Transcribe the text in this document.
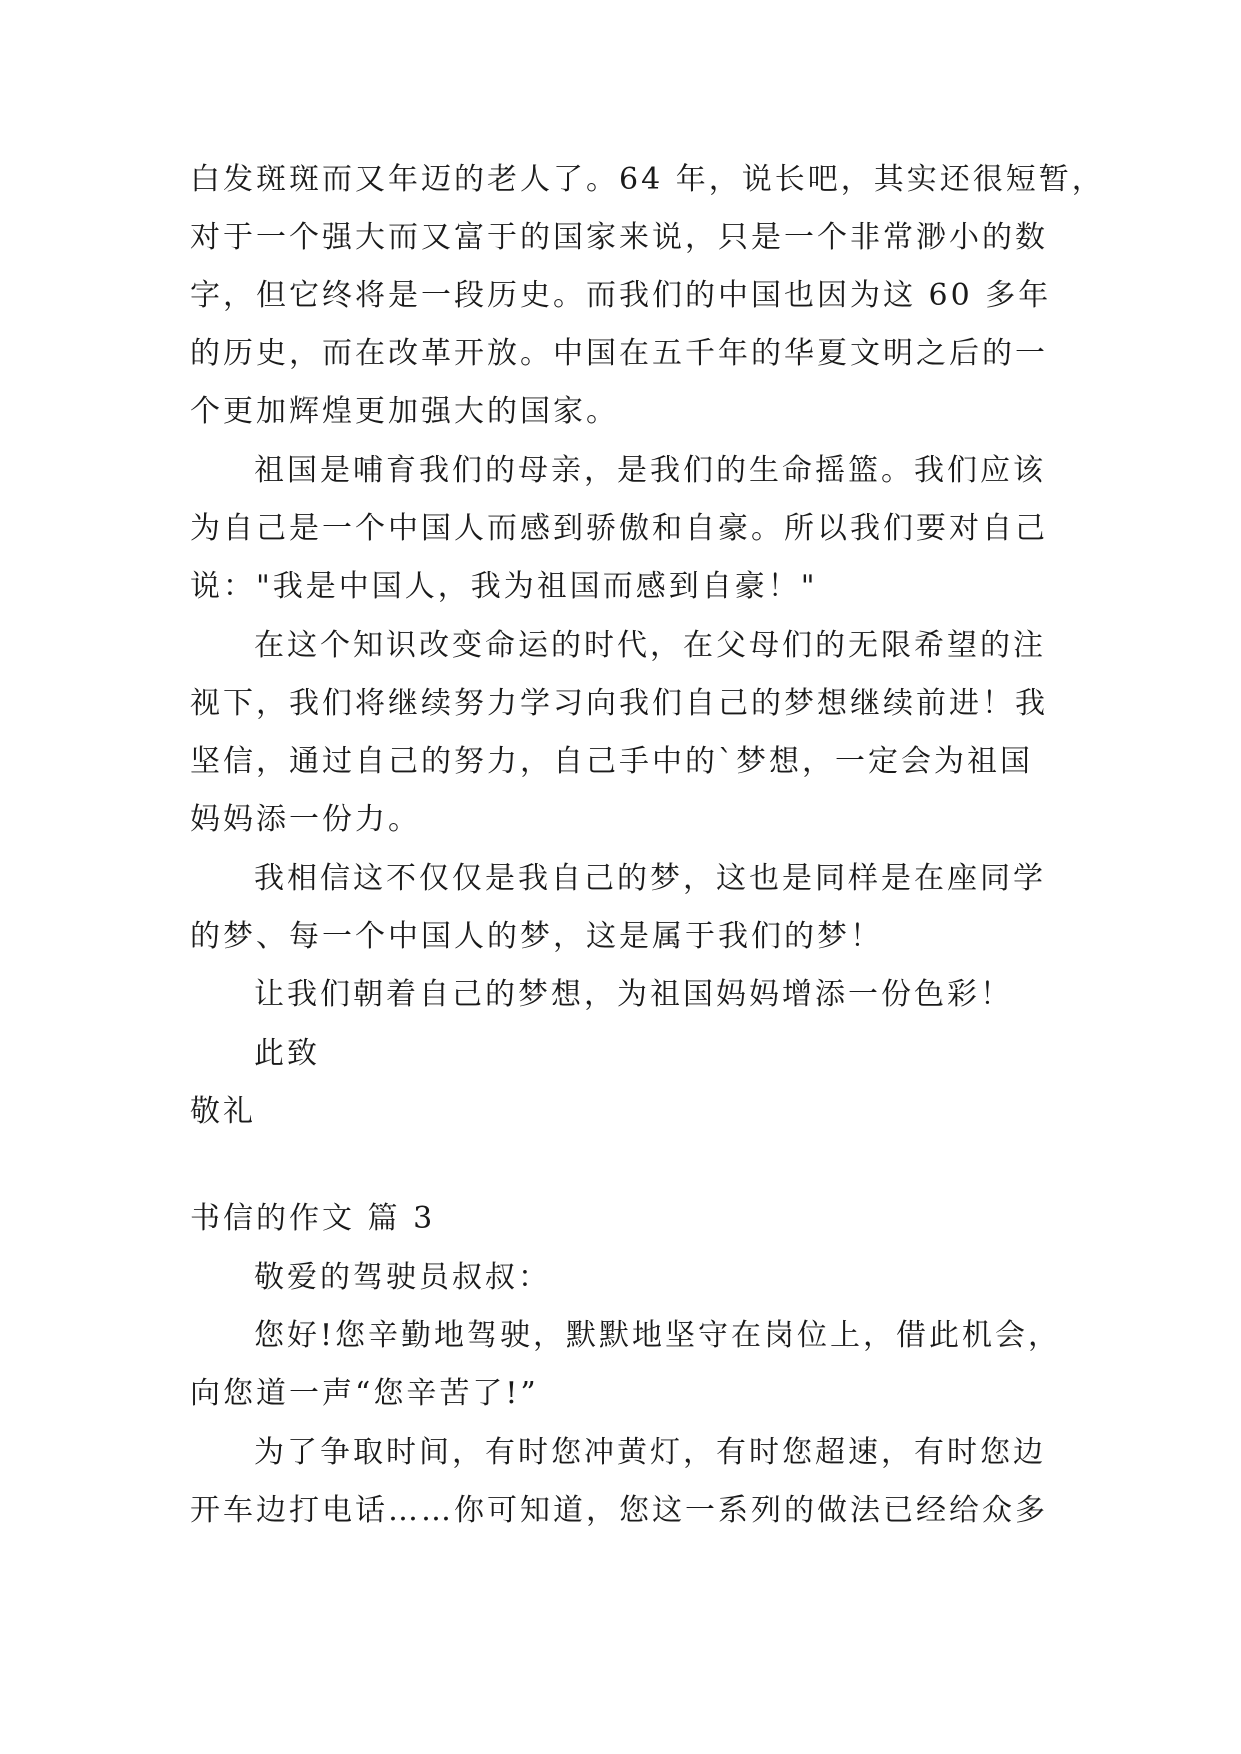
白发斑斑而又年迈的老人了。64 年，说长吧，其实还很短暂，
对于一个强大而又富于的国家来说，只是一个非常渺小的数
字，但它终将是一段历史。而我们的中国也因为这 60 多年
的历史，而在改革开放。中国在五千年的华夏文明之后的一
个更加辉煌更加强大的国家。
祖国是哺育我们的母亲，是我们的生命摇篮。我们应该
为自己是一个中国人而感到骄傲和自豪。所以我们要对自己
说："我是中国人，我为祖国而感到自豪！"
在这个知识改变命运的时代，在父母们的无限希望的注
视下，我们将继续努力学习向我们自己的梦想继续前进！我
坚信，通过自己的努力，自己手中的`梦想，一定会为祖国
妈妈添一份力。
我相信这不仅仅是我自己的梦，这也是同样是在座同学
的梦、每一个中国人的梦，这是属于我们的梦！
让我们朝着自己的梦想，为祖国妈妈增添一份色彩！
此致
敬礼
书信的作文 篇 3
敬爱的驾驶员叔叔：
您好!您辛勤地驾驶，默默地坚守在岗位上，借此机会，
向您道一声“您辛苦了!”
为了争取时间，有时您冲黄灯，有时您超速，有时您边
开车边打电话……你可知道，您这一系列的做法已经给众多
